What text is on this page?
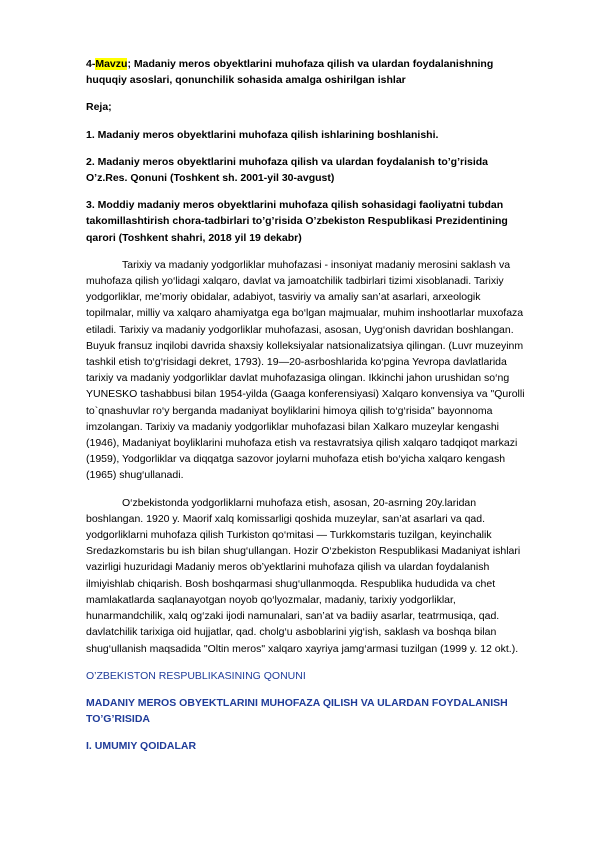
4-Mavzu; Madaniy meros obyektlarini muhofaza qilish va ulardan foydalanishning huquqiy asoslari, qonunchilik sohasida amalga oshirilgan ishlar

Reja;

1. Madaniy meros obyektlarini muhofaza qilish ishlarining boshlanishi.

2. Madaniy meros obyektlarini muhofaza qilish va ulardan foydalanish to’g’risida O’z.Res. Qonuni (Toshkent sh. 2001-yil 30-avgust)

3. Moddiy madaniy meros obyektlarini muhofaza qilish sohasidagi faoliyatni tubdan takomillashtirish chora-tadbirlari to’g’risida O’zbekiston Respublikasi Prezidentining qarori (Toshkent shahri, 2018 yil 19 dekabr)

Tarixiy va madaniy yodgorliklar muhofazasi - insoniyat madaniy merosini saklash va muhofaza qilish yo‘lidagi xalqaro, davlat va jamoatchilik tadbirlari tizimi xisoblanadi. Tarixiy yodgorliklar, me’moriy obidalar, adabiyot, tasviriy va amaliy san’at asarlari, arxeologik topilmalar, milliy va xalqaro ahamiyatga ega bo‘lgan majmualar, muhim inshootlarlar muxofaza etiladi. Tarixiy va madaniy yodgorliklar muhofazasi, asosan, Uyg‘onish davridan boshlangan. Buyuk fransuz inqilobi davrida shaxsiy kolleksiyalar natsionalizatsiya qilingan. (Luvr muzeyinm tashkil etish to‘g‘risidagi dekret, 1793). 19—20-asrboshlarida ko‘pgina Yevropa davlatlarida tarixiy va madaniy yodgorliklar davlat muhofazasiga olingan. Ikkinchi jahon urushidan so‘ng YUNESKO tashabbusi bilan 1954-yilda (Gaaga konferensiyasi) Xalqaro konvensiya va "Qurolli to`qnashuvlar ro‘y berganda madaniyat boyliklarini himoya qilish to‘g‘risida" bayonnoma imzolangan. Tarixiy va madaniy yodgorliklar muhofazasi bilan Xalkaro muzeylar kengashi (1946), Madaniyat boyliklarini muhofaza etish va restavratsiya qilish xalqaro tadqiqot markazi (1959), Yodgorliklar va diqqatga sazovor joylarni muhofaza etish bo‘yicha xalqaro kengash (1965) shug‘ullanadi.

O‘zbekistonda yodgorliklarni muhofaza etish, asosan, 20-asrning 20y.laridan boshlangan. 1920 y. Maorif xalq komissarligi qoshida muzeylar, san’at asarlari va qad. yodgorliklarni muhofaza qilish Turkiston qo‘mitasi — Turkkomstaris tuzilgan, keyinchalik Sredazkomstaris bu ish bilan shug‘ullangan. Hozir O‘zbekiston Respublikasi Madaniyat ishlari vazirligi huzuridagi Madaniy meros ob’yektlarini muhofaza qilish va ulardan foydalanish ilmiyishlab chiqarish. Bosh boshqarmasi shug‘ullanmoqda. Respublika hududida va chet mamlakatlarda saqlanayotgan noyob qo‘lyozmalar, madaniy, tarixiy yodgorliklar, hunarmandchilik, xalq og‘zaki ijodi namunalari, san’at va badiiy asarlar, teatrmusiqa, qad. davlatchilik tarixiga oid hujjatlar, qad. cholg‘u asboblarini yig‘ish, saklash va boshqa bilan shug‘ullanish maqsadida "Oltin meros" xalqaro xayriya jamg‘armasi tuzilgan (1999 y. 12 okt.).

O’ZBEKISTON RESPUBLIKASINING QONUNI

MADANIY MEROS OBYEKTLARINI MUHOFAZA QILISH VA ULARDAN FOYDALANISH TO’G’RISIDA

I. UMUMIY QOIDALAR
